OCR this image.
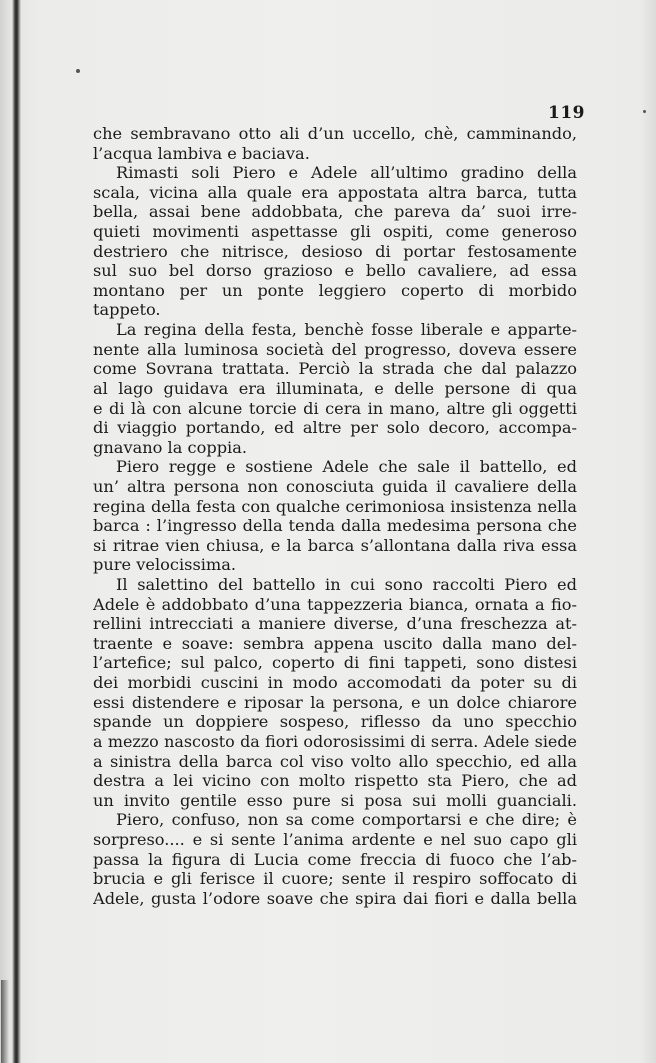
119
che sembravano otto ali d’un uccello, chè, camminando,
l’acqua lambiva e baciava.
Rimasti soli Piero e Adele all’ultimo gradino della
scala, vicina alla quale era appostata altra barca, tutta
bella, assai bene addobbata, che pareva da’ suoi irre-
quieti movimenti aspettasse gli ospiti, come generoso
destriero che nitrisce, desioso di portar festosamente
sul suo bel dorso grazioso e bello cavaliere, ad essa
montano per un ponte leggiero coperto di morbido
tappeto.
La regina della festa, benchè fosse liberale e apparte-
nente alla luminosa società del progresso, doveva essere
come Sovrana trattata. Perciò la strada che dal palazzo
al lago guidava era illuminata, e delle persone di qua
e di là con alcune torcie di cera in mano, altre gli oggetti
di viaggio portando, ed altre per solo decoro, accompa-
gnavano la coppia.
Piero regge e sostiene Adele che sale il battello, ed
un’ altra persona non conosciuta guida il cavaliere della
regina della festa con qualche cerimoniosa insistenza nella
barca : l’ingresso della tenda dalla medesima persona che
si ritrae vien chiusa, e la barca s’allontana dalla riva essa
pure velocissima.
Il salettino del battello in cui sono raccolti Piero ed
Adele è addobbato d’una tappezzeria bianca, ornata a fio-
rellini intrecciati a maniere diverse, d’una freschezza at-
traente e soave: sembra appena uscito dalla mano del-
l’artefice; sul palco, coperto di fini tappeti, sono distesi
dei morbidi cuscini in modo accomodati da poter su di
essi distendere e riposar la persona, e un dolce chiarore
spande un doppiere sospeso, riflesso da uno specchio
a mezzo nascosto da fiori odorosissimi di serra. Adele siede
a sinistra della barca col viso volto allo specchio, ed alla
destra a lei vicino con molto rispetto sta Piero, che ad
un invito gentile esso pure si posa sui molli guanciali.
Piero, confuso, non sa come comportarsi e che dire; è
sorpreso.... e si sente l’anima ardente e nel suo capo gli
passa la figura di Lucia come freccia di fuoco che l’ab-
brucia e gli ferisce il cuore; sente il respiro soffocato di
Adele, gusta l’odore soave che spira dai fiori e dalla bella
